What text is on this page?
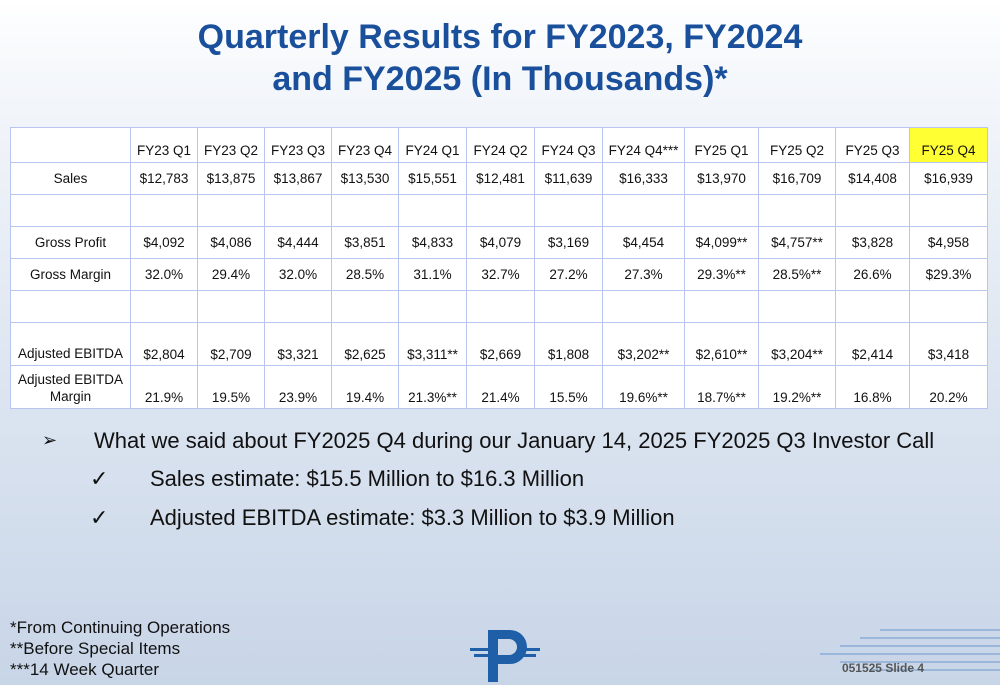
Quarterly Results for FY2023, FY2024
and FY2025 (In Thousands)*
	FY23 Q1	FY23 Q2	FY23 Q3	FY23 Q4	FY24 Q1	FY24 Q2	FY24 Q3	FY24 Q4***	FY25 Q1	FY25 Q2	FY25 Q3	FY25 Q4
Sales	$12,783	$13,875	$13,867	$13,530	$15,551	$12,481	$11,639	$16,333	$13,970	$16,709	$14,408	$16,939

Gross Profit	$4,092	$4,086	$4,444	$3,851	$4,833	$4,079	$3,169	$4,454	$4,099**	$4,757**	$3,828	$4,958
Gross Margin	32.0%	29.4%	32.0%	28.5%	31.1%	32.7%	27.2%	27.3%	29.3%**	28.5%**	26.6%	$29.3%

Adjusted EBITDA	$2,804	$2,709	$3,321	$2,625	$3,311**	$2,669	$1,808	$3,202**	$2,610**	$3,204**	$2,414	$3,418
Adjusted EBITDA Margin	21.9%	19.5%	23.9%	19.4%	21.3%**	21.4%	15.5%	19.6%**	18.7%**	19.2%**	16.8%	20.2%
➢ What we said about FY2025 Q4 during our January 14, 2025 FY2025 Q3 Investor Call
✓ Sales estimate: $15.5 Million to $16.3 Million
✓ Adjusted EBITDA estimate: $3.3 Million to $3.9 Million
*From Continuing Operations
**Before Special Items
***14 Week Quarter	051525 Slide 4
